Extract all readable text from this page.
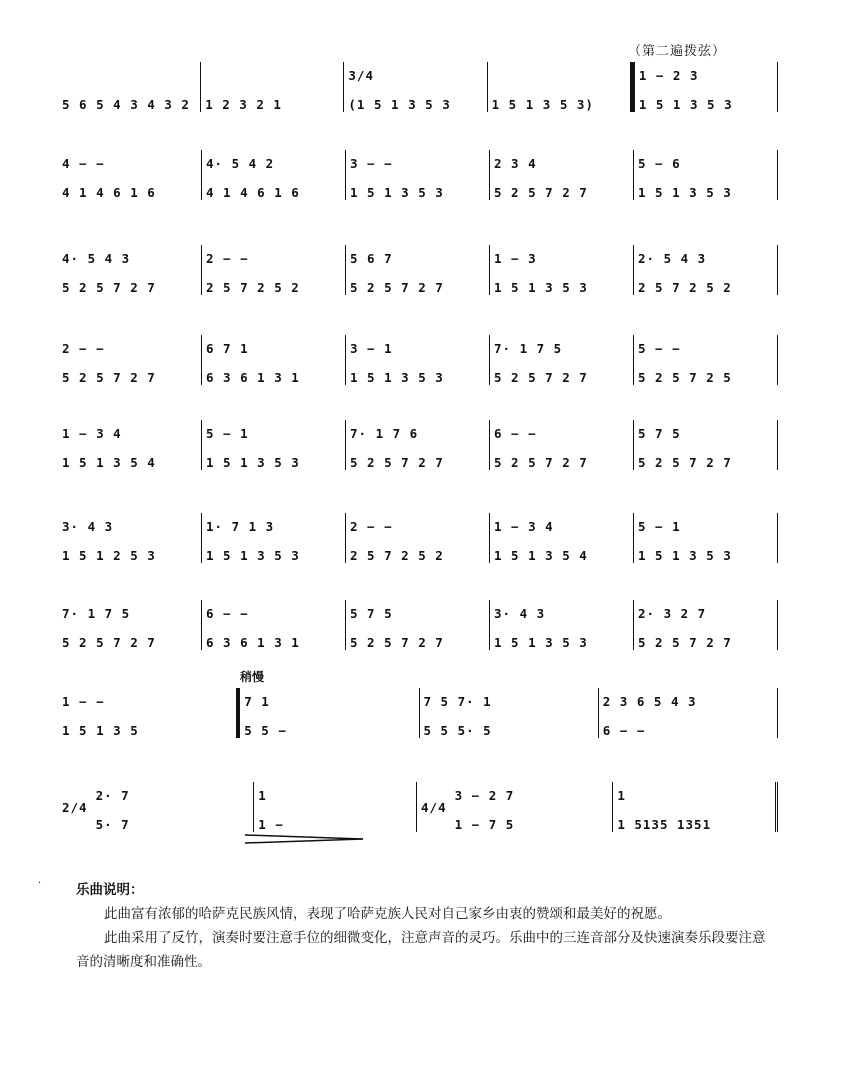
（第二遍拨弦）
稍慢
5 6 5 4 3 4 3 2	1 2 3 2 1
3/4
(1 5 1 3 5 3	1 5 1 3 5 3)
1 − 2 3
1 5 1 3 5 3
4 − −
4 1 4 6 1 6
4· 5 4 2
4 1 4 6 1 6
3 − −
1 5 1 3 5 3
2 3 4
5 2 5 7 2 7
5 − 6
1 5 1 3 5 3
4· 5 4 3
5 2 5 7 2 7
2 − −
2 5 7 2 5 2
5 6 7
5 2 5 7 2 7
1 − 3
1 5 1 3 5 3
2· 5 4 3
2 5 7 2 5 2
2 − −
5 2 5 7 2 7
6 7 1
6 3 6 1 3 1
3 − 1
1 5 1 3 5 3
7· 1 7 5
5 2 5 7 2 7
5 − −
5 2 5 7 2 5
1 − 3 4
1 5 1 3 5 4
5 − 1
1 5 1 3 5 3
7· 1 7 6
5 2 5 7 2 7
6 − −
5 2 5 7 2 7
5 7 5
5 2 5 7 2 7
3· 4 3
1 5 1 2 5 3
1· 7 1 3
1 5 1 3 5 3
2 − −
2 5 7 2 5 2
1 − 3 4
1 5 1 3 5 4
5 − 1
1 5 1 3 5 3
7· 1 7 5
5 2 5 7 2 7
6 − −
6 3 6 1 3 1
5 7 5
5 2 5 7 2 7
3· 4 3
1 5 1 3 5 3
2· 3 2 7
5 2 5 7 2 7
1 − −
1 5 1 3 5
7 1
5 5 −
7 5 7· 1
5 5 5· 5
2 3 6 5 4 3
6 − −
2/4
2· 7
5· 7
1
1 −
4/4
3 − 2 7
1 − 7 5
1
1 5135 1351
·	乐曲说明：

此曲富有浓郁的哈萨克民族风情，表现了哈萨克族人民对自己家乡由衷的赞颂和最美好的祝愿。

此曲采用了反竹，演奏时要注意手位的细微变化，注意声音的灵巧。乐曲中的三连音部分及快速演奏乐段要注意音的清晰度和准确性。
